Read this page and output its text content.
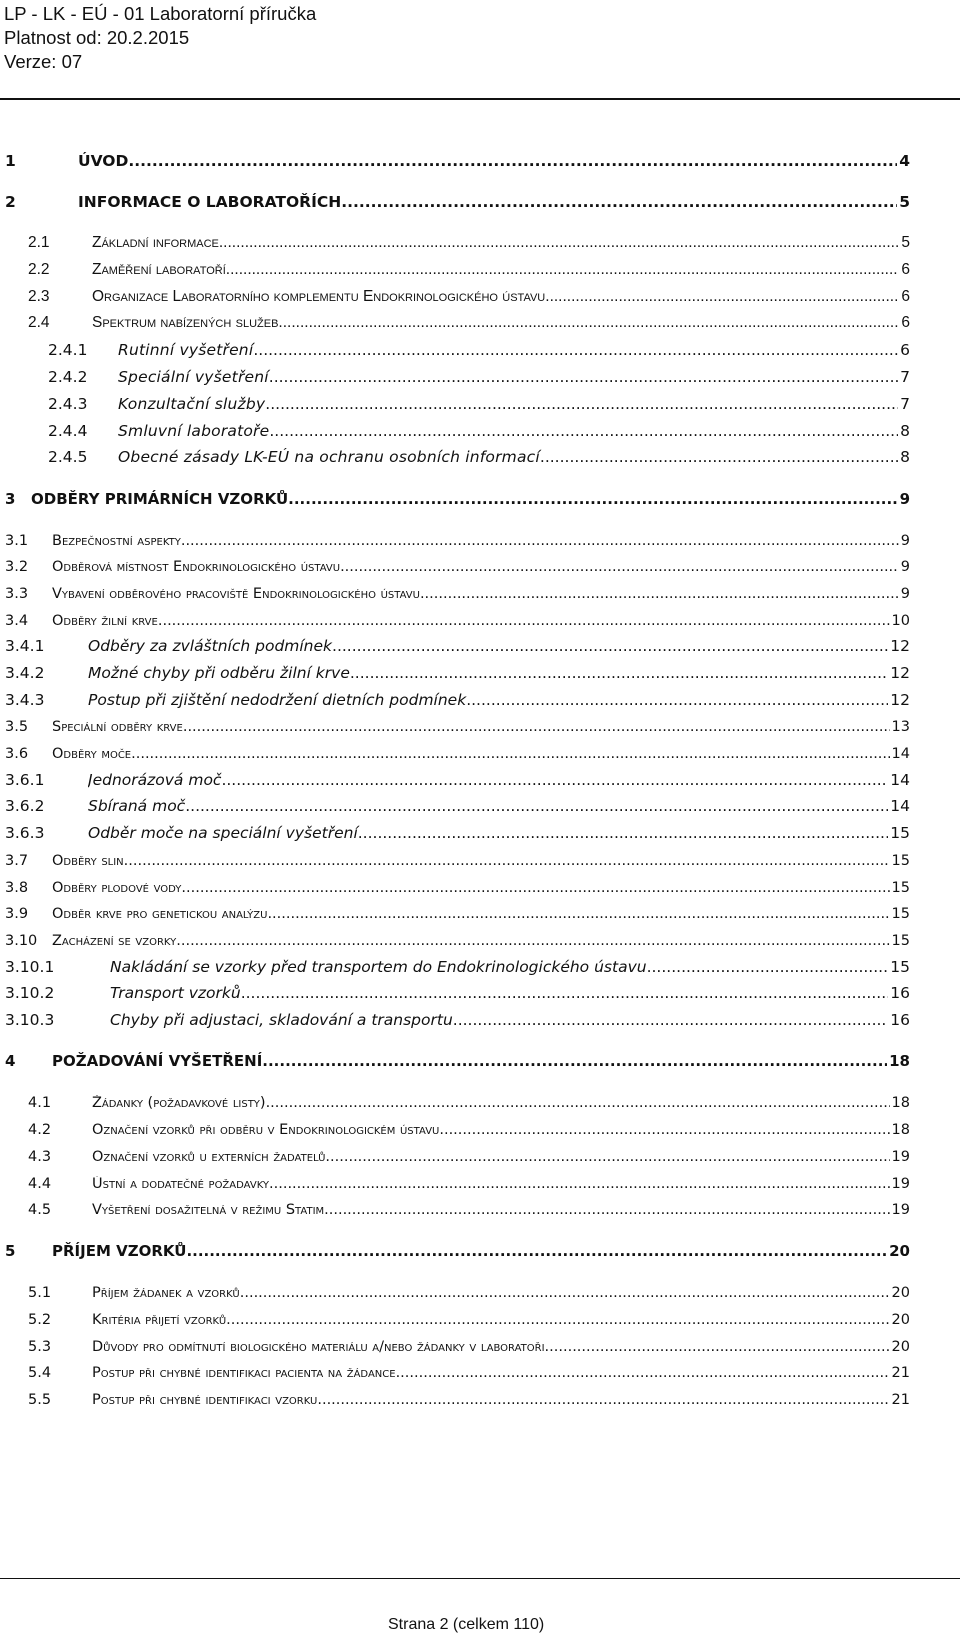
LP - LK - EÚ - 01 Laboratorní příručka
Platnost od: 20.2.2015
Verze: 07
1	ÚVOD .....	4
2	INFORMACE O LABORATOŘÍCH .....	5
2.1	Základní informace .....	5
2.2	Zaměření laboratoří .....	6
2.3	Organizace Laboratorního komplementu Endokrinologického ústavu .....	6
2.4	Spektrum nabízených služeb .....	6
2.4.1 Rutinní vyšetření .....	6
2.4.2 Speciální vyšetření .....	7
2.4.3 Konzultační služby .....	7
2.4.4 Smluvní laboratoře .....	8
2.4.5 Obecné zásady LK-EÚ na ochranu osobních informací .....	8
3 ODBĚRY PRIMÁRNÍCH VZORKŮ .....	9
3.1 Bezpečnostní aspekty .....	9
3.2 Odběrová místnost Endokrinologického ústavu .....	9
3.3 Vybavení odběrového pracoviště Endokrinologického ústavu .....	9
3.4 Odběry žilní krve .....	10
3.4.1	Odběry za zvláštních podmínek .....	12
3.4.2	Možné chyby při odběru žilní krve .....	12
3.4.3	Postup při zjištění nedodržení dietních podmínek .....	12
3.5 Speciální odběry krve .....	13
3.6 Odběry moče .....	14
3.6.1	Jednorázová moč .....	14
3.6.2	Sbíraná moč .....	14
3.6.3	Odběr moče na speciální vyšetření .....	15
3.7 Odběry slin .....	15
3.8 Odběry plodové vody .....	15
3.9 Odběr krve pro genetickou analýzu .....	15
3.10 Zacházení se vzorky .....	15
3.10.1	Nakládání se vzorky před transportem do Endokrinologického ústavu .....	15
3.10.2	Transport vzorků .....	16
3.10.3	Chyby při adjustaci, skladování a transportu .....	16
4 POŽADOVÁNÍ VYŠETŘENÍ .....	18
4.1	Žádanky (požadavkové listy) .....	18
4.2	Označení vzorků při odběru v Endokrinologickém ústavu .....	18
4.3	Označení vzorků u externích žadatelů .....	19
4.4	Ústní a dodatečné požadavky .....	19
4.5	Vyšetření dosažitelná v režimu Statim .....	19
5 PŘÍJEM VZORKŮ .....	20
5.1	Příjem žádanek a vzorků .....	20
5.2	Kritéria přijetí vzorků .....	20
5.3	Důvody pro odmítnutí biologického materiálu a/nebo žádanky v laboratoři .....	20
5.4	Postup při chybné identifikaci pacienta na žádance .....	21
5.5	Postup při chybné identifikaci vzorku .....	21
Strana 2 (celkem 110)
